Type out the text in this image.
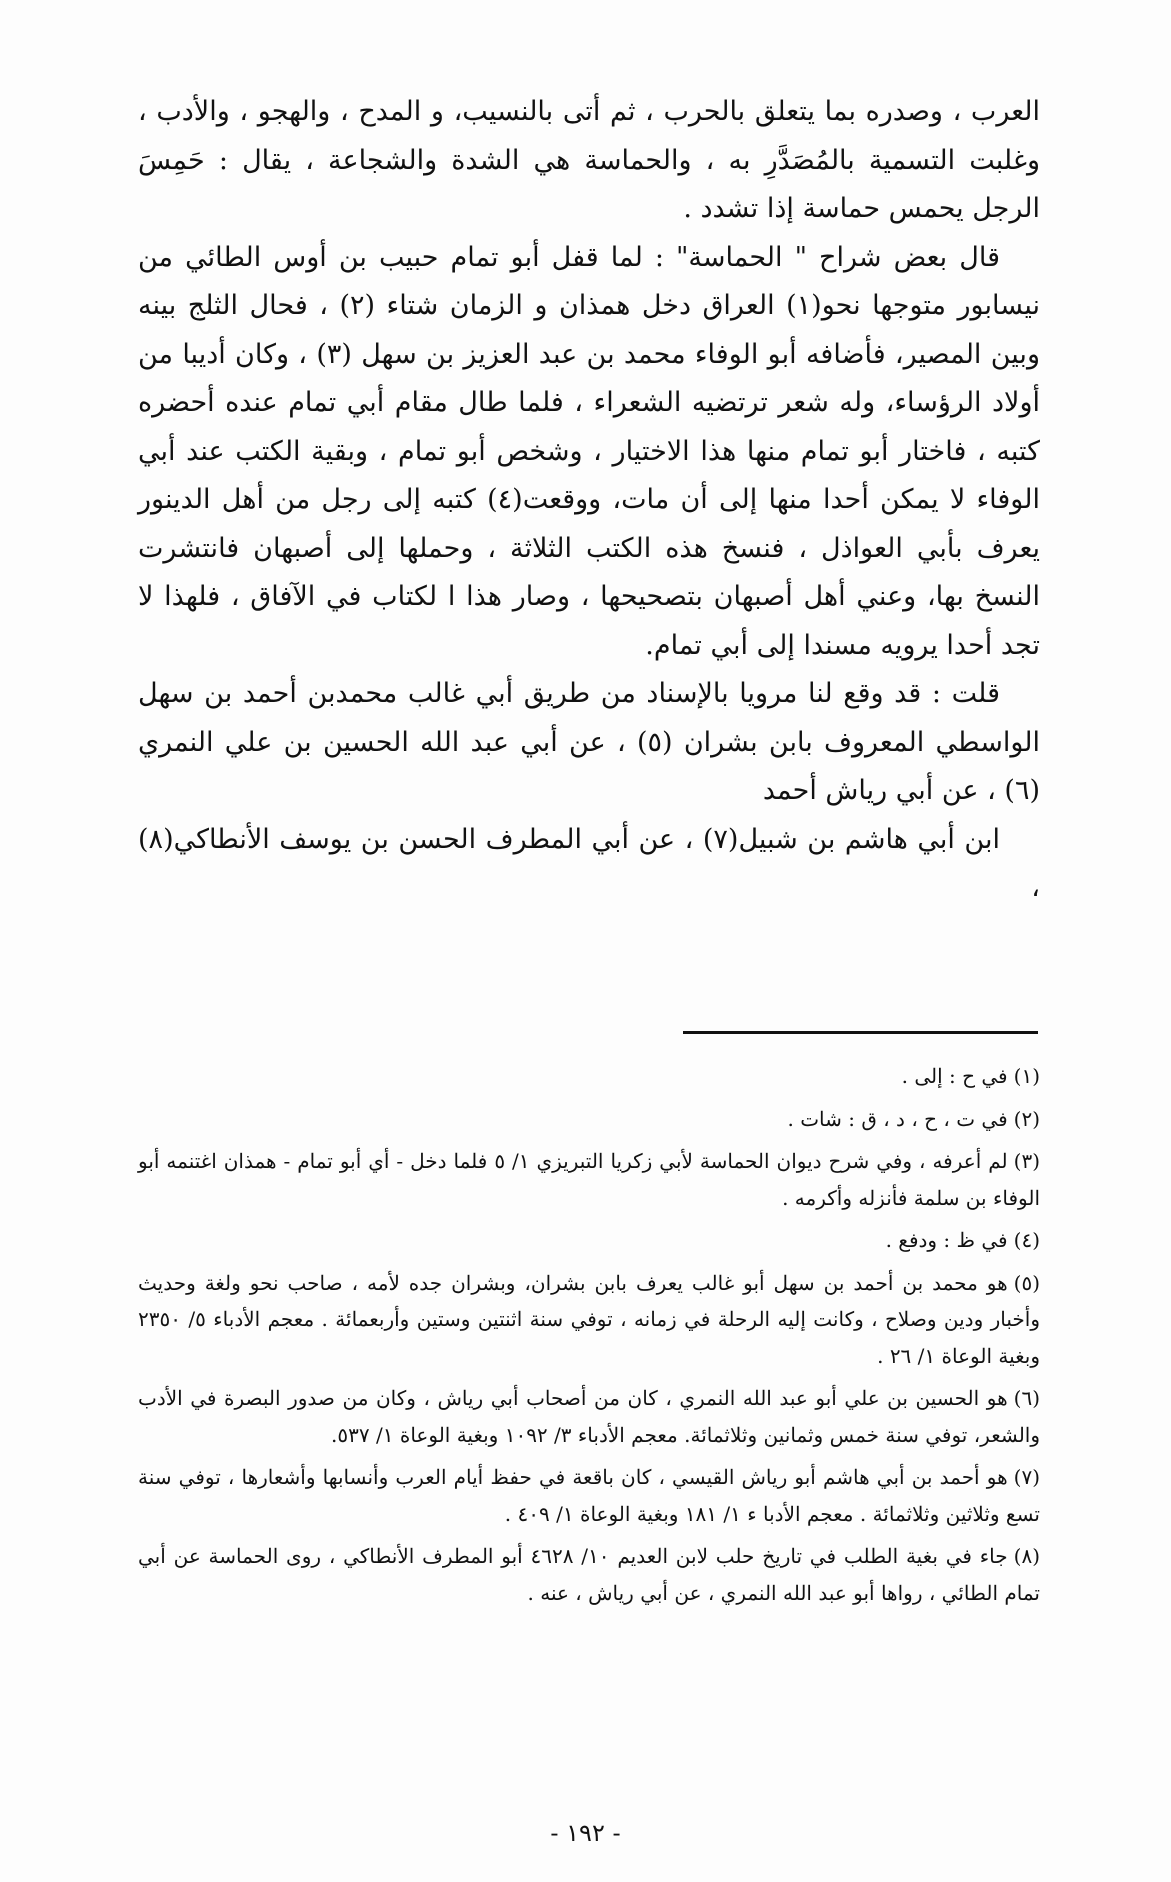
العرب ، وصدره بما يتعلق بالحرب ، ثم أتى بالنسيب، و المدح ، والهجو ، والأدب ، وغلبت التسمية بالمُصَدَّرِ به ، والحماسة هي الشدة والشجاعة ، يقال : حَمِسَ الرجل يحمس حماسة إذا تشدد .

قال بعض شراح " الحماسة" : لما قفل أبو تمام حبيب بن أوس الطائي من نيسابور متوجها نحو(١) العراق دخل همذان و الزمان شتاء (٢) ، فحال الثلج بينه وبين المصير، فأضافه أبو الوفاء محمد بن عبد العزيز بن سهل (٣) ، وكان أديبا من أولاد الرؤساء، وله شعر ترتضيه الشعراء ، فلما طال مقام أبي تمام عنده أحضره كتبه ، فاختار أبو تمام منها هذا الاختيار ، وشخص أبو تمام ، وبقية الكتب عند أبي الوفاء لا يمكن أحدا منها إلى أن مات، ووقعت(٤) كتبه إلى رجل من أهل الدينور يعرف بأبي العواذل ، فنسخ هذه الكتب الثلاثة ، وحملها إلى أصبهان فانتشرت النسخ بها، وعني أهل أصبهان بتصحيحها ، وصار هذا ا لكتاب في الآفاق ، فلهذا لا تجد أحدا يرويه مسندا إلى أبي تمام.

قلت : قد وقع لنا مرويا بالإسناد من طريق أبي غالب محمدبن أحمد بن سهل الواسطي المعروف بابن بشران (٥) ، عن أبي عبد الله الحسين بن علي النمري (٦) ، عن أبي رياش أحمد

ابن أبي هاشم بن شبيل(٧) ، عن أبي المطرف الحسن بن يوسف الأنطاكي(٨) ،

(١)في ح : إلى .

(٢)في ت ، ح ، د ، ق : شات .

(٣)لم أعرفه ، وفي شرح ديوان الحماسة لأبي زكريا التبريزي ١/ ٥ فلما دخل - أي أبو تمام - همذان اغتنمه أبو الوفاء بن سلمة فأنزله وأكرمه .

(٤)في ظ : ودفع .

(٥)هو محمد بن أحمد بن سهل أبو غالب يعرف بابن بشران، وبشران جده لأمه ، صاحب نحو ولغة وحديث وأخبار ودين وصلاح ، وكانت إليه الرحلة في زمانه ، توفي سنة اثنتين وستين وأربعمائة . معجم الأدباء ٥/ ٢٣٥٠ وبغية الوعاة ١/ ٢٦ .

(٦)هو الحسين بن علي أبو عبد الله النمري ، كان من أصحاب أبي رياش ، وكان من صدور البصرة في الأدب والشعر، توفي سنة خمس وثمانين وثلاثمائة. معجم الأدباء ٣/ ١٠٩٢ وبغية الوعاة ١/ ٥٣٧.

(٧)هو أحمد بن أبي هاشم أبو رياش القيسي ، كان باقعة في حفظ أيام العرب وأنسابها وأشعارها ، توفي سنة تسع وثلاثين وثلاثمائة . معجم الأدبا ء ١/ ١٨١ وبغية الوعاة ١/ ٤٠٩ .

(٨)جاء في بغية الطلب في تاريخ حلب لابن العديم ١٠/ ٤٦٢٨ أبو المطرف الأنطاكي ، روى الحماسة عن أبي تمام الطائي ، رواها أبو عبد الله النمري ، عن أبي رياش ، عنه .

- ١٩٢ -
